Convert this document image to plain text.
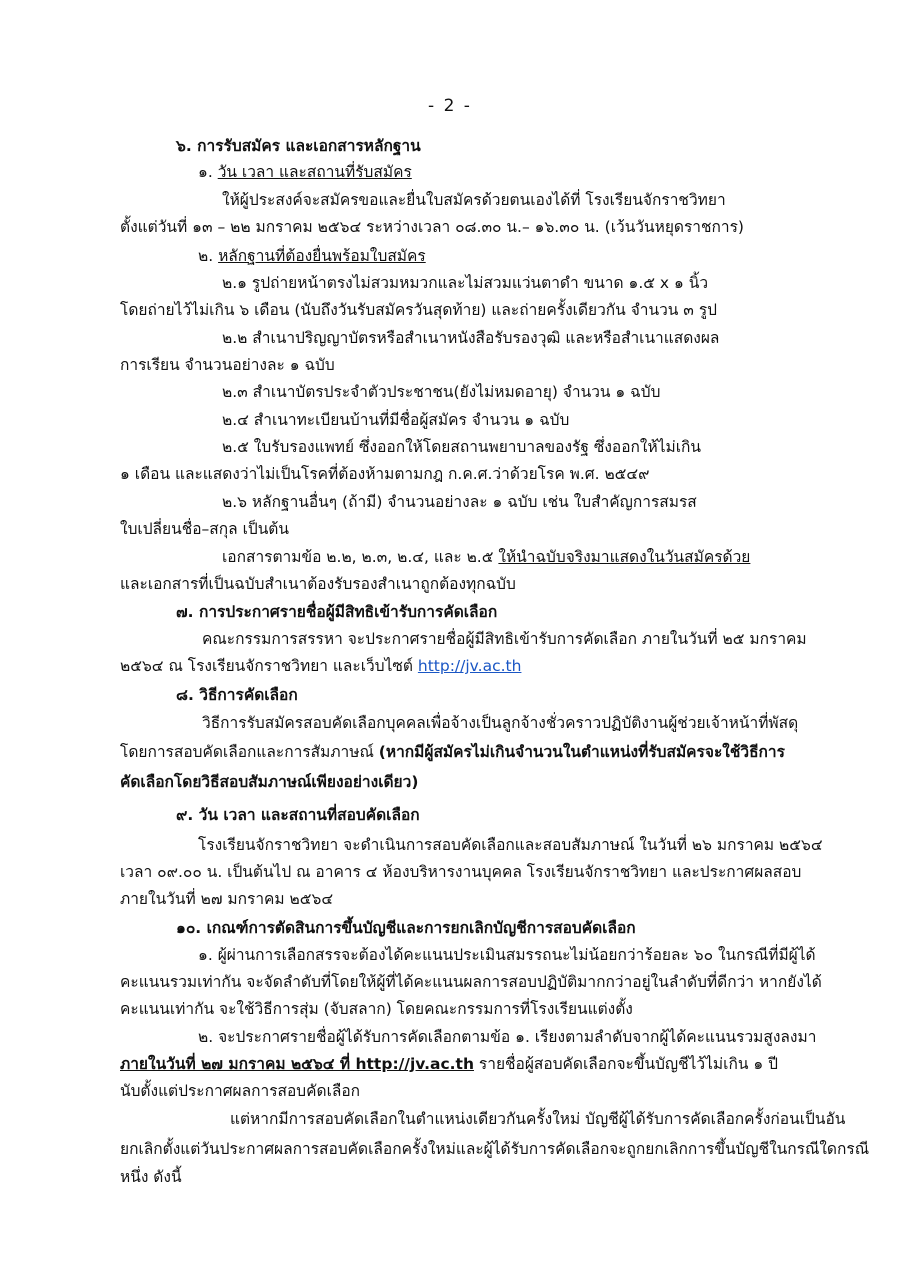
- 2 -
๖. การรับสมัคร และเอกสารหลักฐาน
๑. วัน เวลา และสถานที่รับสมัคร
ให้ผู้ประสงค์จะสมัครขอและยื่นใบสมัครด้วยตนเองได้ที่ โรงเรียนจักราชวิทยา
ตั้งแต่วันที่ ๑๓ – ๒๒ มกราคม ๒๕๖๔ ระหว่างเวลา ๐๘.๓๐ น.– ๑๖.๓๐ น. (เว้นวันหยุดราชการ)
๒. หลักฐานที่ต้องยื่นพร้อมใบสมัคร
๒.๑ รูปถ่ายหน้าตรงไม่สวมหมวกและไม่สวมแว่นตาดำ ขนาด ๑.๕ x ๑ นิ้ว
โดยถ่ายไว้ไม่เกิน ๖ เดือน (นับถึงวันรับสมัครวันสุดท้าย) และถ่ายครั้งเดียวกัน จำนวน ๓ รูป
๒.๒ สำเนาปริญญาบัตรหรือสำเนาหนังสือรับรองวุฒิ และหรือสำเนาแสดงผล
การเรียน จำนวนอย่างละ ๑ ฉบับ
๒.๓ สำเนาบัตรประจำตัวประชาชน(ยังไม่หมดอายุ) จำนวน ๑ ฉบับ
๒.๔ สำเนาทะเบียนบ้านที่มีชื่อผู้สมัคร จำนวน ๑ ฉบับ
๒.๕ ใบรับรองแพทย์ ซึ่งออกให้โดยสถานพยาบาลของรัฐ ซึ่งออกให้ไม่เกิน
๑ เดือน และแสดงว่าไม่เป็นโรคที่ต้องห้ามตามกฎ ก.ค.ศ.ว่าด้วยโรค พ.ศ. ๒๕๔๙
๒.๖ หลักฐานอื่นๆ (ถ้ามี) จำนวนอย่างละ ๑ ฉบับ เช่น ใบสำคัญการสมรส
ใบเปลี่ยนชื่อ–สกุล เป็นต้น
เอกสารตามข้อ ๒.๒, ๒.๓, ๒.๔, และ ๒.๕ ให้นำฉบับจริงมาแสดงในวันสมัครด้วย
และเอกสารที่เป็นฉบับสำเนาต้องรับรองสำเนาถูกต้องทุกฉบับ
๗. การประกาศรายชื่อผู้มีสิทธิเข้ารับการคัดเลือก
คณะกรรมการสรรหา จะประกาศรายชื่อผู้มีสิทธิเข้ารับการคัดเลือก ภายในวันที่ ๒๕ มกราคม
๒๕๖๔ ณ โรงเรียนจักราชวิทยา และเว็บไซต์ http://jv.ac.th
๘. วิธีการคัดเลือก
วิธีการรับสมัครสอบคัดเลือกบุคคลเพื่อจ้างเป็นลูกจ้างชั่วคราวปฏิบัติงานผู้ช่วยเจ้าหน้าที่พัสดุ
โดยการสอบคัดเลือกและการสัมภาษณ์ (หากมีผู้สมัครไม่เกินจำนวนในตำแหน่งที่รับสมัครจะใช้วิธีการ
คัดเลือกโดยวิธีสอบสัมภาษณ์เพียงอย่างเดียว)
๙. วัน เวลา และสถานที่สอบคัดเลือก
โรงเรียนจักราชวิทยา จะดำเนินการสอบคัดเลือกและสอบสัมภาษณ์ ในวันที่ ๒๖ มกราคม ๒๕๖๔
เวลา ๐๙.๐๐ น. เป็นต้นไป ณ อาคาร ๔ ห้องบริหารงานบุคคล โรงเรียนจักราชวิทยา และประกาศผลสอบ
ภายในวันที่ ๒๗ มกราคม ๒๕๖๔
๑๐. เกณฑ์การตัดสินการขึ้นบัญชีและการยกเลิกบัญชีการสอบคัดเลือก
๑. ผู้ผ่านการเลือกสรรจะต้องได้คะแนนประเมินสมรรถนะไม่น้อยกว่าร้อยละ ๖๐ ในกรณีที่มีผู้ได้
คะแนนรวมเท่ากัน จะจัดลำดับที่โดยให้ผู้ที่ได้คะแนนผลการสอบปฏิบัติมากกว่าอยู่ในลำดับที่ดีกว่า หากยังได้
คะแนนเท่ากัน จะใช้วิธีการสุ่ม (จับสลาก) โดยคณะกรรมการที่โรงเรียนแต่งตั้ง
๒. จะประกาศรายชื่อผู้ได้รับการคัดเลือกตามข้อ ๑. เรียงตามลำดับจากผู้ได้คะแนนรวมสูงลงมา
ภายในวันที่ ๒๗ มกราคม ๒๕๖๔ ที่ http://jv.ac.th รายชื่อผู้สอบคัดเลือกจะขึ้นบัญชีไว้ไม่เกิน ๑ ปี
นับตั้งแต่ประกาศผลการสอบคัดเลือก
แต่หากมีการสอบคัดเลือกในตำแหน่งเดียวกันครั้งใหม่ บัญชีผู้ได้รับการคัดเลือกครั้งก่อนเป็นอัน
ยกเลิกตั้งแต่วันประกาศผลการสอบคัดเลือกครั้งใหม่และผู้ได้รับการคัดเลือกจะถูกยกเลิกการขึ้นบัญชีในกรณีใดกรณี
หนึ่ง ดังนี้
